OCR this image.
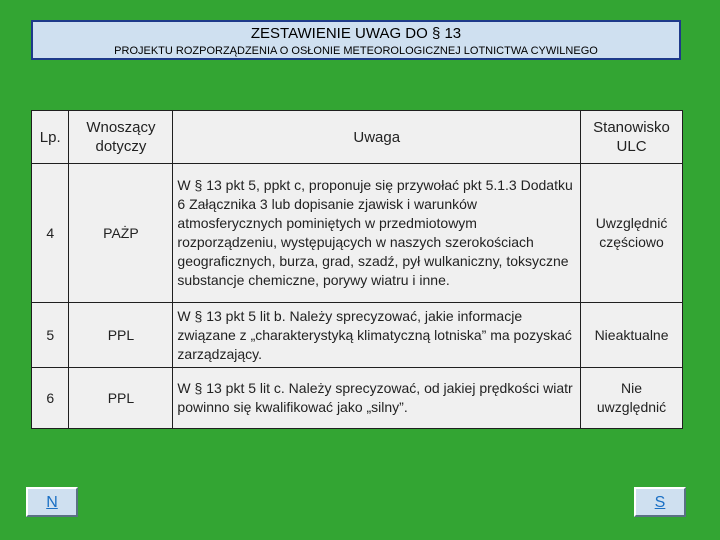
ZESTAWIENIE UWAG DO § 13
PROJEKTU ROZPORZĄDZENIA O OSŁONIE METEOROLOGICZNEJ LOTNICTWA CYWILNEGO
Lp.	Wnoszący dotyczy	Uwaga	Stanowisko ULC
4	PAŻP	W § 13 pkt 5, ppkt c, proponuje się przywołać pkt 5.1.3 Dodatku 6 Załącznika 3 lub dopisanie zjawisk i warunków atmosferycznych pominiętych w przedmiotowym rozporządzeniu, występujących w naszych szerokościach geograficznych, burza, grad, szadź, pył wulkaniczny, toksyczne substancje chemiczne, porywy wiatru i inne.	Uwzględnić częściowo
5	PPL	W § 13 pkt 5 lit b. Należy sprecyzować, jakie informacje związane z „charakterystyką klimatyczną lotniska” ma pozyskać zarządzający.	Nieaktualne
6	PPL	W § 13 pkt 5 lit c. Należy sprecyzować, od jakiej prędkości wiatr powinno się kwalifikować jako „silny”.	Nie uwzględnić
N	S
